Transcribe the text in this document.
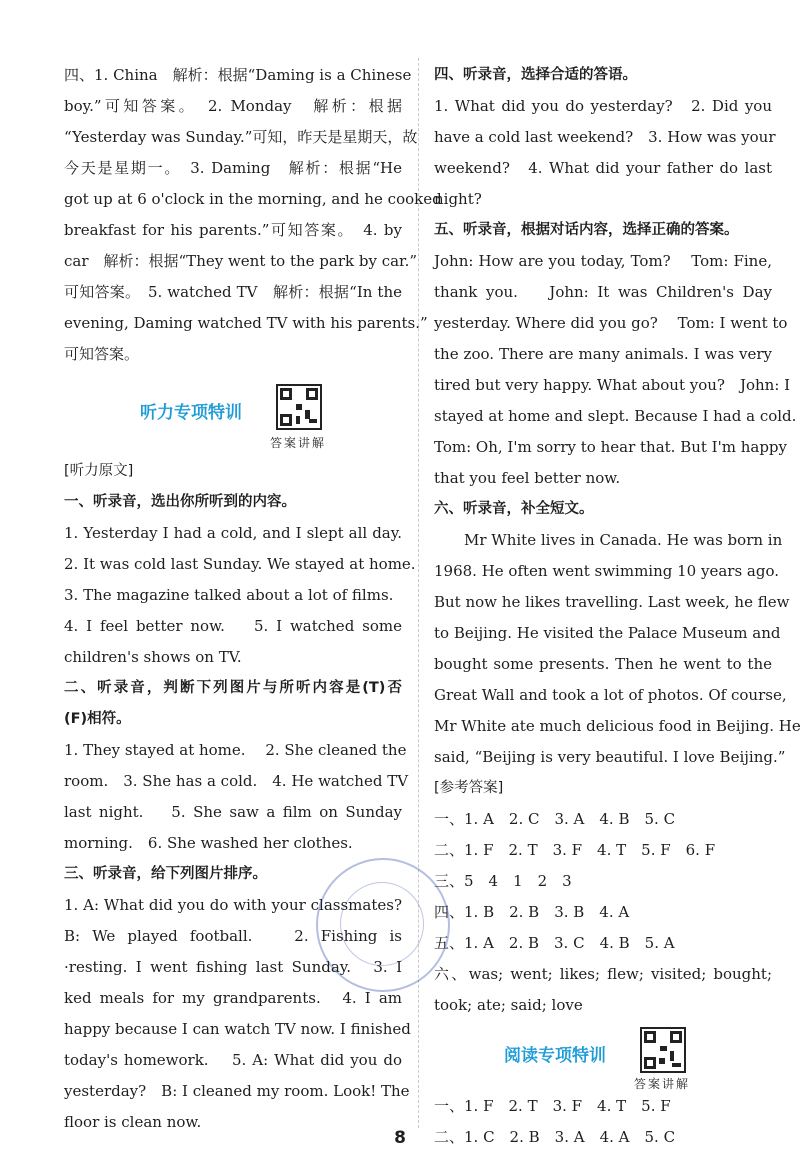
四、1. China　解析：根据“Daming is a Chinese
boy.”可知答案。　2. Monday　解析：根据
“Yesterday was Sunday.”可知，昨天是星期天，故
今天是星期一。　3. Daming　解析：根据“He
got up at 6 o'clock in the morning, and he cooked
breakfast for his parents.”可知答案。　4. by
car　解析：根据“They went to the park by car.”
可知答案。　5. watched TV　解析：根据“In the
evening, Daming watched TV with his parents.”
可知答案。
听力专项特训
答案讲解
[听力原文]
一、听录音，选出你所听到的内容。
1. Yesterday I had a cold, and I slept all day.
2. It was cold last Sunday. We stayed at home.
3. The magazine talked about a lot of films.
4. I feel better now.　 5. I watched some
children's shows on TV.
二、听录音，判断下列图片与所听内容是(T)否
(F)相符。
1. They stayed at home.　 2. She cleaned the
room.　3. She has a cold.　4. He watched TV
last night.　 5. She saw a film on Sunday
morning.　6. She washed her clothes.
三、听录音，给下列图片排序。
1. A: What did you do with your classmates?
B: We played football.　 2. Fishing is
·resting. I went fishing last Sunday.　3. I
ked meals for my grandparents.　4. I am
happy because I can watch TV now. I finished
today's homework.　 5. A: What did you do
yesterday?　B: I cleaned my room. Look! The
floor is clean now.
四、听录音，选择合适的答语。
1. What did you do yesterday?　2. Did you
have a cold last weekend?　3. How was your
weekend?　4. What did your father do last
night?
五、听录音，根据对话内容，选择正确的答案。
John: How are you today, Tom?　 Tom: Fine,
thank you.　 John: It was Children's Day
yesterday. Where did you go?　 Tom: I went to
the zoo. There are many animals. I was very
tired but very happy. What about you?　John: I
stayed at home and slept. Because I had a cold.
Tom: Oh, I'm sorry to hear that. But I'm happy
that you feel better now.
六、听录音，补全短文。
Mr White lives in Canada. He was born in
1968. He often went swimming 10 years ago.
But now he likes travelling. Last week, he flew
to Beijing. He visited the Palace Museum and
bought some presents. Then he went to the
Great Wall and took a lot of photos. Of course,
Mr White ate much delicious food in Beijing. He
said, “Beijing is very beautiful. I love Beijing.”
[参考答案]
一、1. A　2. C　3. A　4. B　5. C
二、1. F　2. T　3. F　4. T　5. F　6. F
三、5　4　1　2　3
四、1. B　2. B　3. B　4. A
五、1. A　2. B　3. C　4. B　5. A
六、was; went; likes; flew; visited; bought;
took; ate; said; love
阅读专项特训
答案讲解
一、1. F　2. T　3. F　4. T　5. F
二、1. C　2. B　3. A　4. A　5. C
8
